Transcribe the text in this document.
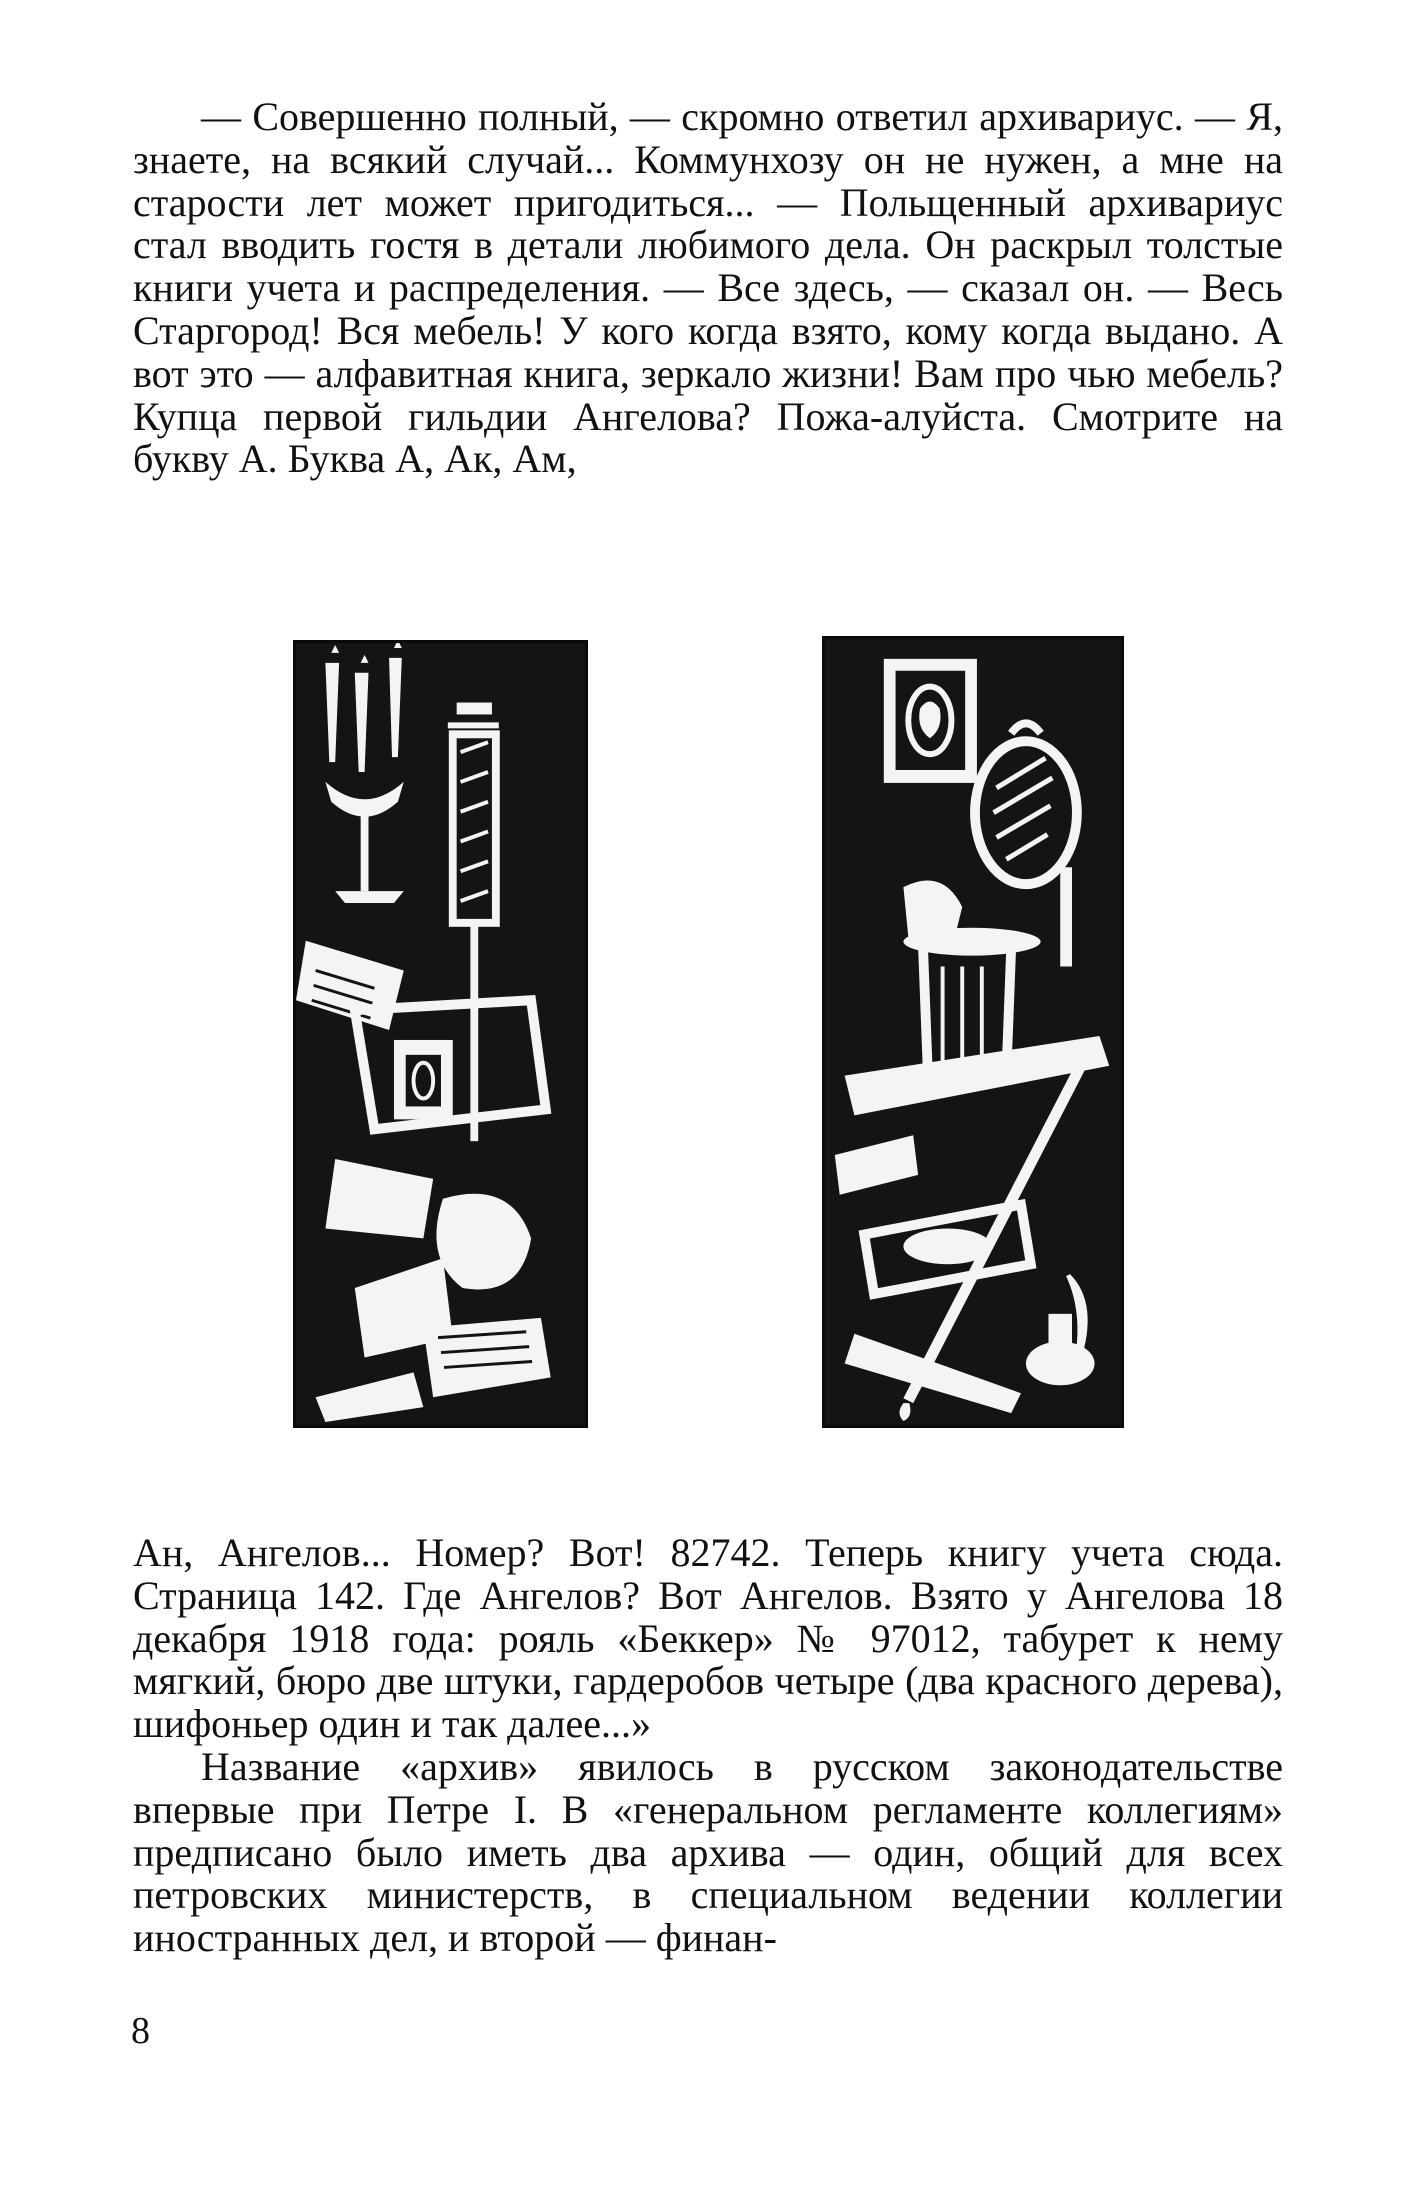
— Совершенно полный, — скромно ответил архивариус. — Я, знаете, на всякий случай... Коммунхозу он не нужен, а мне на старости лет может пригодиться... — Польщенный архивариус стал вводить гостя в детали любимого дела. Он раскрыл толстые книги учета и распределения. — Все здесь, — сказал он. — Весь Старгород! Вся мебель! У кого когда взято, кому когда выдано. А вот это — алфавитная книга, зеркало жизни! Вам про чью мебель? Купца первой гильдии Ангелова? Пожа-алуйста. Смотрите на букву А. Буква А, Ак, Ам,

Ан, Ангелов... Номер? Вот! 82742. Теперь книгу учета сюда. Страница 142. Где Ангелов? Вот Ангелов. Взято у Ангелова 18 декабря 1918 года: рояль «Беккер» № 97012, табурет к нему мягкий, бюро две штуки, гардеробов четыре (два красного дерева), шифоньер один и так далее...»

Название «архив» явилось в русском законодательстве впервые при Петре I. В «генеральном регламенте коллегиям» предписано было иметь два архива — один, общий для всех петровских министерств, в специальном ведении коллегии иностранных дел, и второй — финан-

8
